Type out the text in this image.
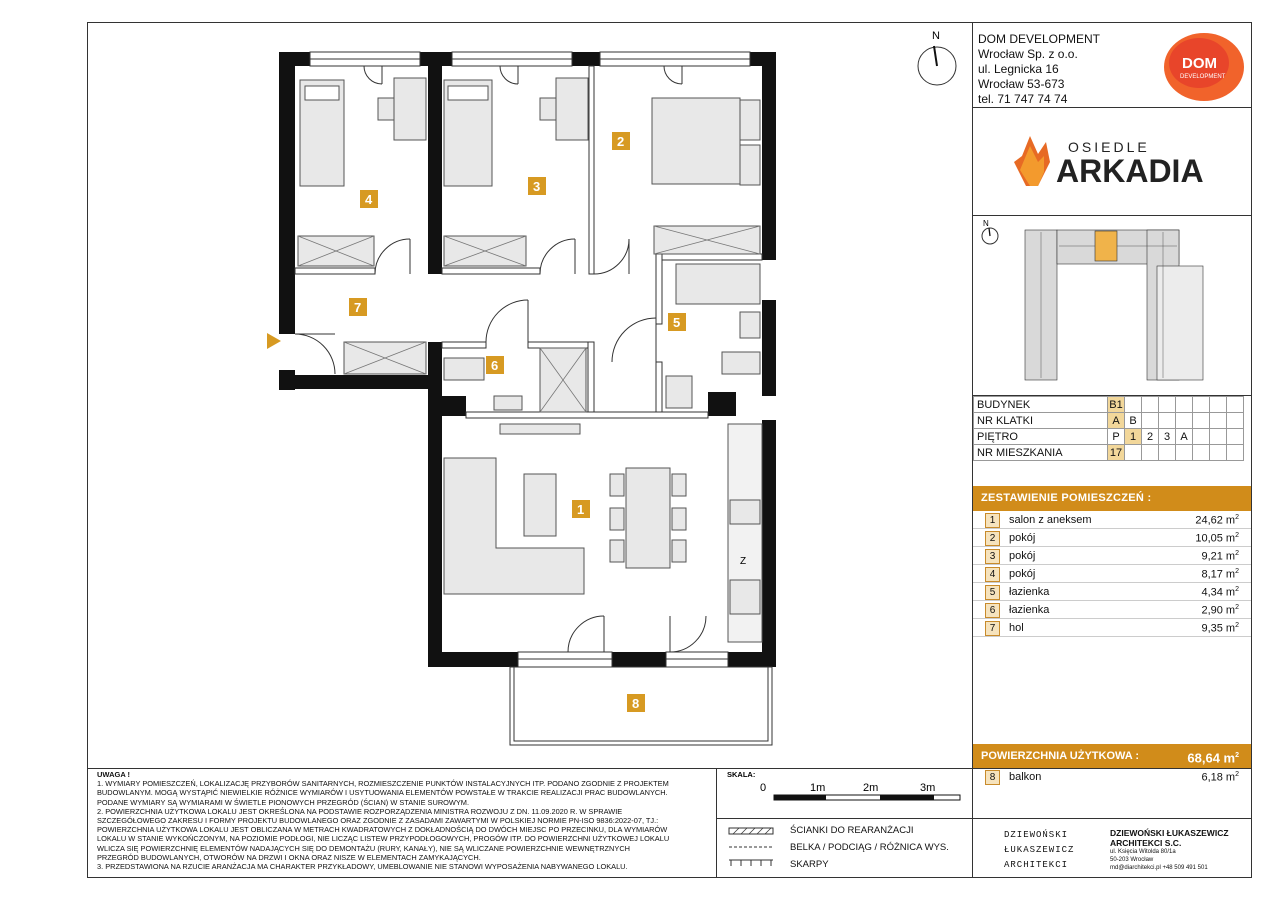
Z
4
3
2
7
5
6
1
8
N	DOM DEVELOPMENT
Wrocław Sp. z o.o.
ul. Legnicka 16
Wrocław 53-673
tel. 71 747 74 74
DOM
DEVELOPMENT
OSIEDLE
ARKADIA
N
BUDYNEK	B1							
NR KLATKI	A	B						
PIĘTRO	P	1	2	3	A			
NR MIESZKANIA	17							
ZESTAWIENIE POMIESZCZEŃ :
1	salon z aneksem	24,62 $m^2$
2	pokój	10,05 $m^2$
3	pokój	9,21 $m^2$
4	pokój	8,17 $m^2$
5	łazienka	4,34 $m^2$
6	łazienka	2,90 $m^2$
7	hol	9,35 $m^2$
POWIERZCHNIA UŻYTKOWA :	68,64 $m^2$
8	balkon	6,18 $m^2$
UWAGA !
1. WYMIARY POMIESZCZEŃ, LOKALIZACJĘ PRZYBORÓW SANITARNYCH, ROZMIESZCZENIE PUNKTÓW INSTALACYJNYCH ITP. PODANO ZGODNIE Z PROJEKTEM
BUDOWLANYM. MOGĄ WYSTĄPIĆ NIEWIELKIE RÓŻNICE WYMIARÓW I USYTUOWANIA ELEMENTÓW POWSTAŁE W TRAKCIE REALIZACJI PRAC BUDOWLANYCH.
PODANE WYMIARY SĄ WYMIARAMI W ŚWIETLE PIONOWYCH PRZEGRÓD (ŚCIAN) W STANIE SUROWYM.
2. POWIERZCHNIA UŻYTKOWA LOKALU JEST OKREŚLONA NA PODSTAWIE ROZPORZĄDZENIA MINISTRA ROZWOJU Z DN. 11.09.2020 R. W SPRAWIE
SZCZEGÓŁOWEGO ZAKRESU I FORMY PROJEKTU BUDOWLANEGO ORAZ ZGODNIE Z ZASADAMI ZAWARTYMI W POLSKIEJ NORMIE PN-ISO 9836:2022-07, TJ.:
POWIERZCHNIA UŻYTKOWA LOKALU JEST OBLICZANA W METRACH KWADRATOWYCH Z DOKŁADNOŚCIĄ DO DWÓCH MIEJSC PO PRZECINKU, DLA WYMIARÓW
LOKALU W STANIE WYKOŃCZONYM, NA POZIOMIE PODŁOGI, NIE LICZĄC LISTEW PRZYPODŁOGOWYCH, PROGÓW ITP. DO POWIERZCHNI UŻYTKOWEJ LOKALU
WLICZA SIĘ POWIERZCHNIĘ ELEMENTÓW NADAJĄCYCH SIĘ DO DEMONTAŻU (RURY, KANAŁY), NIE SĄ WLICZANE POWIERZCHNIE WEWNĘTRZNYCH
PRZEGRÓD BUDOWLANYCH, OTWORÓW NA DRZWI I OKNA ORAZ NISZE W ELEMENTACH ZAMYKAJĄCYCH.
3. PRZEDSTAWIONA NA RZUCIE ARANŻACJA MA CHARAKTER PRZYKŁADOWY, UMEBLOWANIE NIE STANOWI WYPOSAŻENIA NABYWANEGO LOKALU.
SKALA:
0	1m	2m	3m
ŚCIANKI DO REARANŻACJI
BELKA / PODCIĄG / RÓŻNICA WYS.
SKARPY
DZIEWOŃSKI
ŁUKASZEWICZ
ARCHITEKCI
DZIEWOŃSKI ŁUKASZEWICZ
ARCHITEKCI S.C.
ul. Księcia Witolda 80/1a
50-203 Wrocław
md@diarchitekci.pl +48 509 491 501
